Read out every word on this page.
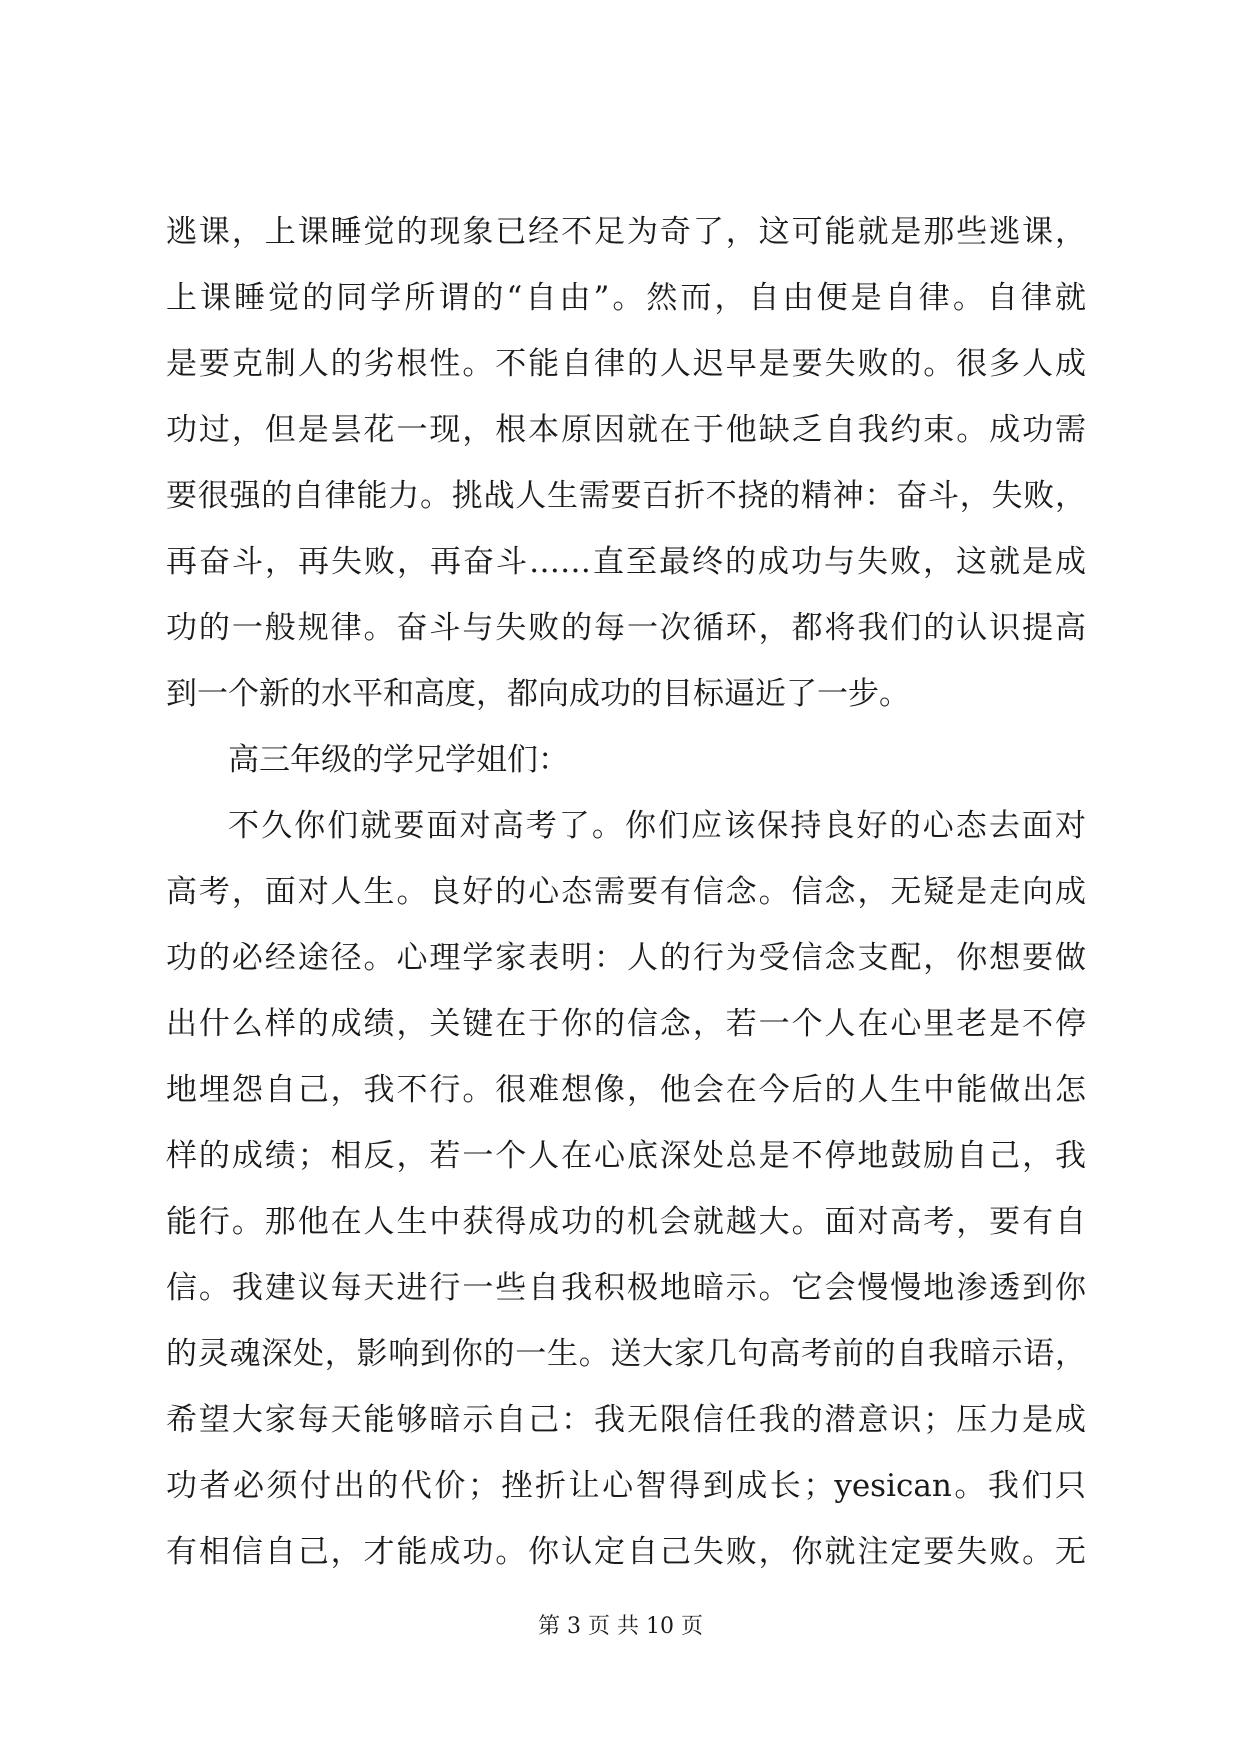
逃课，上课睡觉的现象已经不足为奇了，这可能就是那些逃课，
上课睡觉的同学所谓的“自由”。然而，自由便是自律。自律就
是要克制人的劣根性。不能自律的人迟早是要失败的。很多人成
功过，但是昙花一现，根本原因就在于他缺乏自我约束。成功需
要很强的自律能力。挑战人生需要百折不挠的精神：奋斗，失败，
再奋斗，再失败，再奋斗……直至最终的成功与失败，这就是成
功的一般规律。奋斗与失败的每一次循环，都将我们的认识提高
到一个新的水平和高度，都向成功的目标逼近了一步。
高三年级的学兄学姐们：
不久你们就要面对高考了。你们应该保持良好的心态去面对
高考，面对人生。良好的心态需要有信念。信念，无疑是走向成
功的必经途径。心理学家表明：人的行为受信念支配，你想要做
出什么样的成绩，关键在于你的信念，若一个人在心里老是不停
地埋怨自己，我不行。很难想像，他会在今后的人生中能做出怎
样的成绩；相反，若一个人在心底深处总是不停地鼓励自己，我
能行。那他在人生中获得成功的机会就越大。面对高考，要有自
信。我建议每天进行一些自我积极地暗示。它会慢慢地渗透到你
的灵魂深处，影响到你的一生。送大家几句高考前的自我暗示语，
希望大家每天能够暗示自己：我无限信任我的潜意识；压力是成
功者必须付出的代价；挫折让心智得到成长；yesican。我们只
有相信自己，才能成功。你认定自己失败，你就注定要失败。无
第 3 页 共 10 页
